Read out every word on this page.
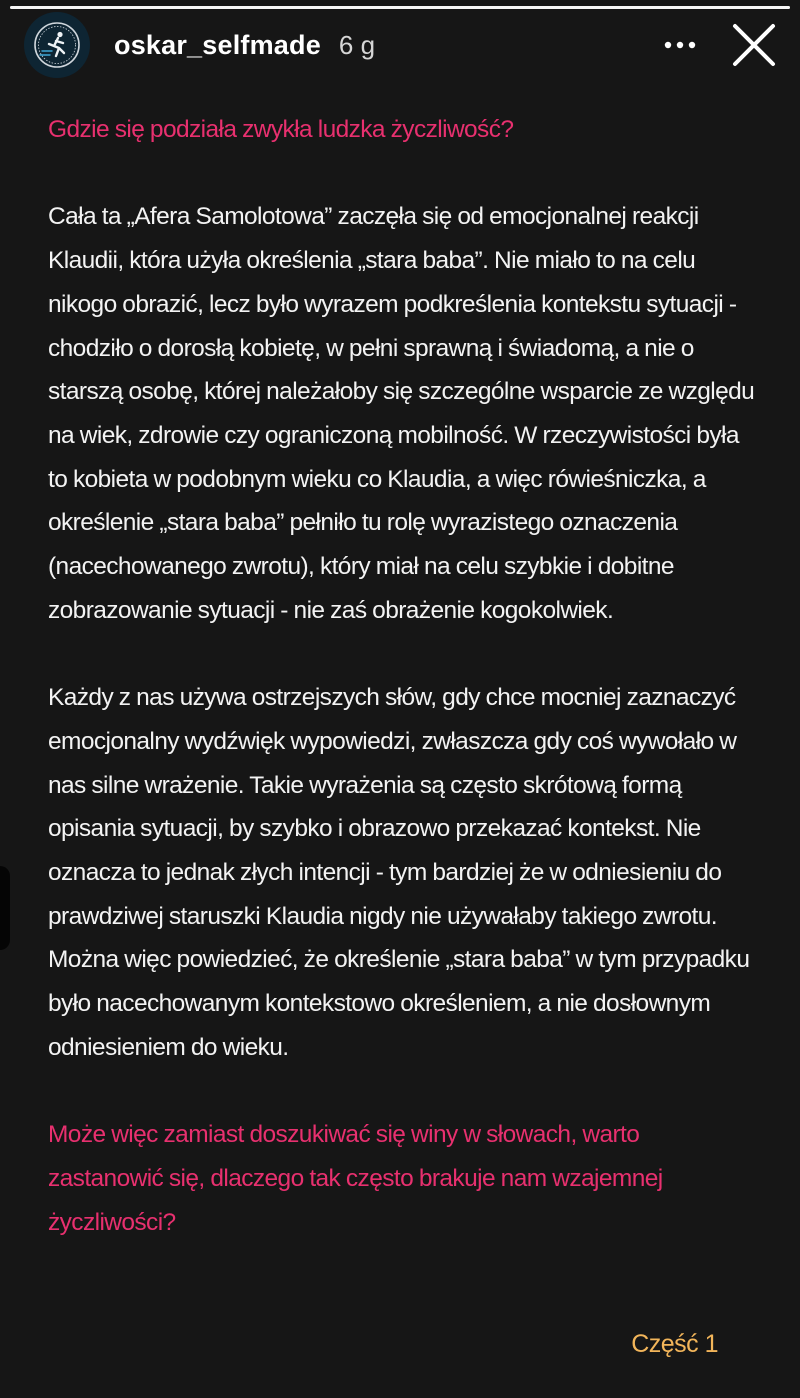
oskar_selfmade 6 g

Gdzie się podziała zwykła ludzka życzliwość?

Cała ta „Afera Samolotowa” zaczęła się od emocjonalnej reakcji Klaudii, która użyła określenia „stara baba”. Nie miało to na celu nikogo obrazić, lecz było wyrazem podkreślenia kontekstu sytuacji - chodziło o dorosłą kobietę, w pełni sprawną i świadomą, a nie o starszą osobę, której należałoby się szczególne wsparcie ze względu na wiek, zdrowie czy ograniczoną mobilność. W rzeczywistości była to kobieta w podobnym wieku co Klaudia, a więc rówieśniczka, a określenie „stara baba” pełniło tu rolę wyrazistego oznaczenia (nacechowanego zwrotu), który miał na celu szybkie i dobitne zobrazowanie sytuacji - nie zaś obrażenie kogokolwiek.

Każdy z nas używa ostrzejszych słów, gdy chce mocniej zaznaczyć emocjonalny wydźwięk wypowiedzi, zwłaszcza gdy coś wywołało w nas silne wrażenie. Takie wyrażenia są często skrótową formą opisania sytuacji, by szybko i obrazowo przekazać kontekst. Nie oznacza to jednak złych intencji - tym bardziej że w odniesieniu do prawdziwej staruszki Klaudia nigdy nie używałaby takiego zwrotu. Można więc powiedzieć, że określenie „stara baba” w tym przypadku było nacechowanym kontekstowo określeniem, a nie dosłownym odniesieniem do wieku.

Może więc zamiast doszukiwać się winy w słowach, warto zastanowić się, dlaczego tak często brakuje nam wzajemnej życzliwości?

Część 1
